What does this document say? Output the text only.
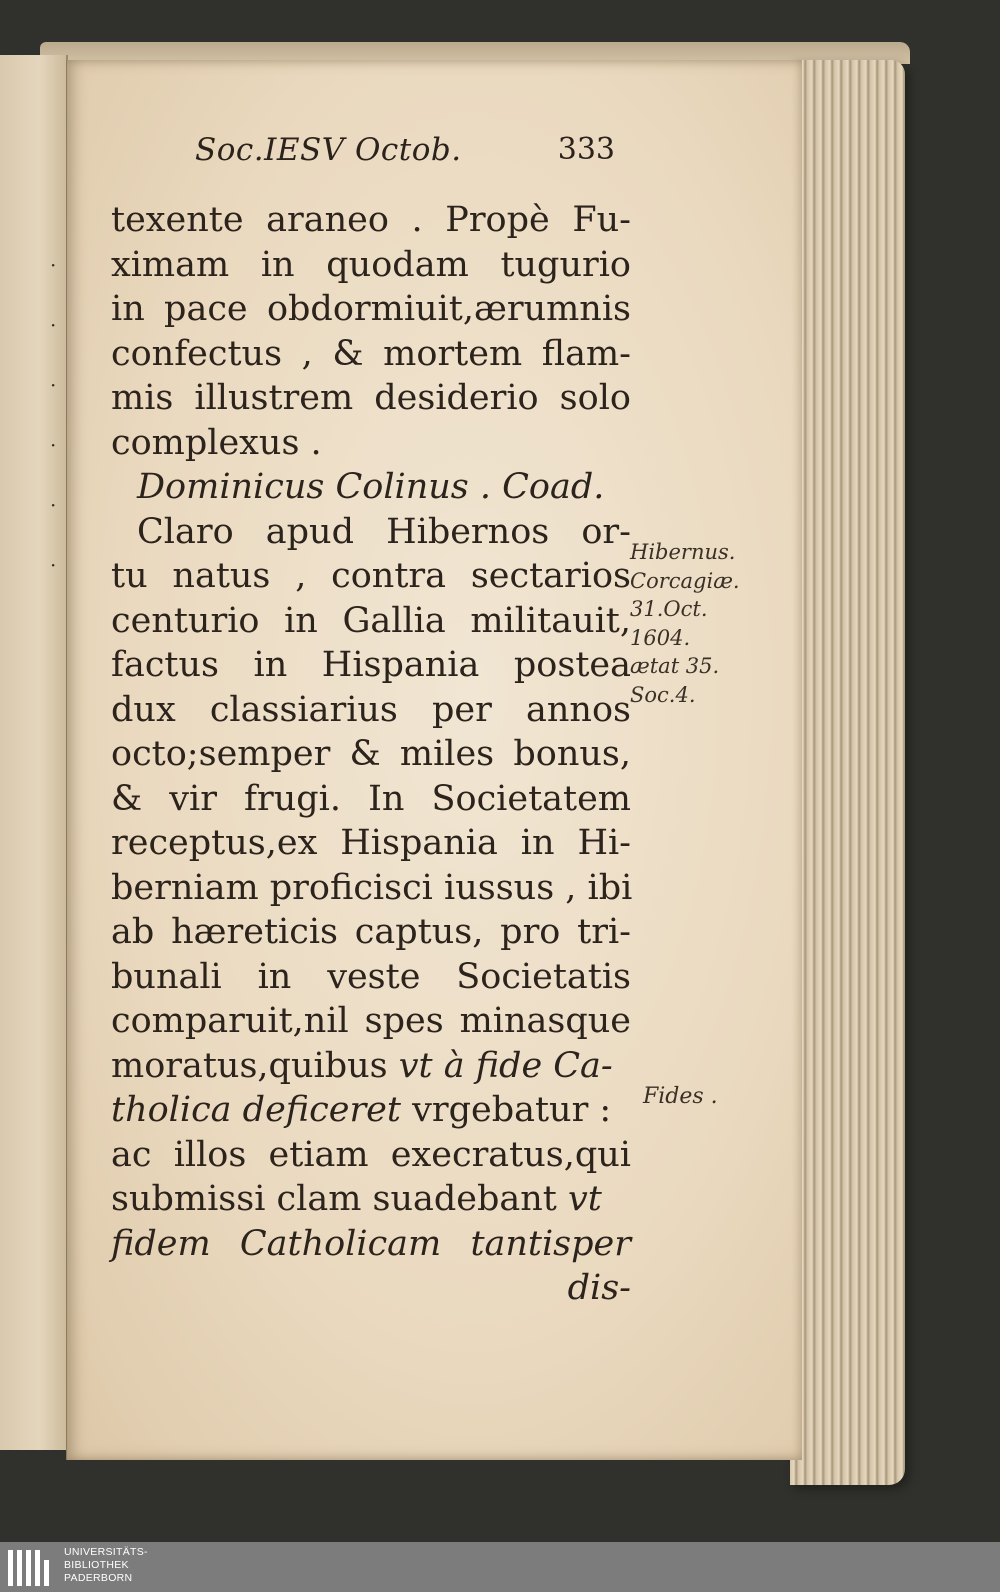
·
·
·
·
·
·
Soc.IESV Octob.	333
texente araneo . Propè Fu-
ximam in quodam tugurio
in pace obdormiuit,ærumnis
confectus , & mortem flam-
mis illustrem desiderio solo
complexus .
Dominicus Colinus . Coad.
Claro apud Hibernos or-
tu natus , contra sectarios
centurio in Gallia militauit,
factus in Hispania postea
dux classiarius per annos
octo;semper & miles bonus,
& vir frugi. In Societatem
receptus,ex Hispania in Hi-
berniam proficisci iussus , ibi
ab hæreticis captus, pro tri-
bunali in veste Societatis
comparuit,nil spes minasque
moratus,quibus vt à fide Ca-
tholica deficeret vrgebatur :
ac illos etiam execratus,qui
submissi clam suadebant vt
fidem Catholicam tantisper
dis-
Hibernus.
Corcagiæ.
31.Oct.
1604.
ætat 35.
Soc.4.
Fides .
UNIVERSITÄTS-
BIBLIOTHEK
PADERBORN
